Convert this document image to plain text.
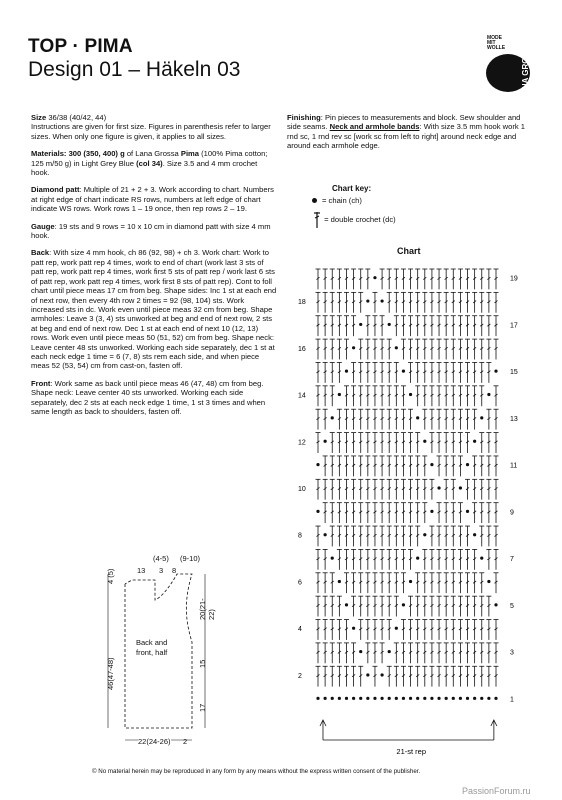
TOP · PIMA
Design 01 – Häkeln 03
MODE MIT WOLLE LANA GROSSA

Size 36/38 (40/42, 44)
Instructions are given for first size. Figures in parenthesis refer to larger sizes. When only one figure is given, it applies to all sizes.

Materials: 300 (350, 400) g of Lana Grossa Pima (100% Pima cotton; 125 m/50 g) in Light Grey Blue (col 34). Size 3.5 and 4 mm crochet hook.

Diamond patt: Multiple of 21 + 2 + 3. Work according to chart. Numbers at right edge of chart indicate RS rows, numbers at left edge of chart indicate WS rows. Work rows 1 – 19 once, then rep rows 2 – 19.

Gauge: 19 sts and 9 rows = 10 x 10 cm in diamond patt with size 4 mm hook.

Back: With size 4 mm hook, ch 86 (92, 98) + ch 3. Work chart: Work to patt rep, work patt rep 4 times, work to end of chart (work last 3 sts of patt rep, work patt rep 4 times, work first 5 sts of patt rep / work last 6 sts of patt rep, work patt rep 4 times, work first 8 sts of patt rep). Cont to foll chart until piece meas 17 cm from beg. Shape sides: Inc 1 st at each end of next row, then every 4th row 2 times = 92 (98, 104) sts. Work increased sts in dc. Work even until piece meas 32 cm from beg. Shape armholes: Leave 3 (3, 4) sts unworked at beg and end of next row, 2 sts at beg and end of next row. Dec 1 st at each end of next 10 (12, 13) rows. Work even until piece meas 50 (51, 52) cm from beg. Shape neck: Leave center 48 sts unworked. Working each side separately, dec 1 st at each neck edge 1 time = 6 (7, 8) sts rem each side, and when piece meas 52 (53, 54) cm from cast-on, fasten off.

Front: Work same as back until piece meas 46 (47, 48) cm from beg. Shape neck: Leave center 40 sts unworked. Working each side separately, dec 2 sts at each neck edge 1 time, 1 st 3 times and when same length as back to shoulders, fasten off.

Finishing: Pin pieces to measurements and block. Sew shoulder and side seams. Neck and armhole bands: With size 3.5 mm hook work 1 rnd sc, 1 rnd rev sc [work sc from left to right] around neck edge and around each armhole edge.

Chart key:
= chain (ch)
= double crochet (dc)
Chart
19
17
15
13
11
9
7
5
3
1
18
16
14
12
10
8
6
4
2
21-st rep
(4-5) (9-10)
13 3 8
4 (5)
46(47-48)
20(21-22)
15
17
Back and
front, half
22(24-26) 2
© No material herein may be reproduced in any form by any means without the express written consent of the publisher.
PassionForum.ru
